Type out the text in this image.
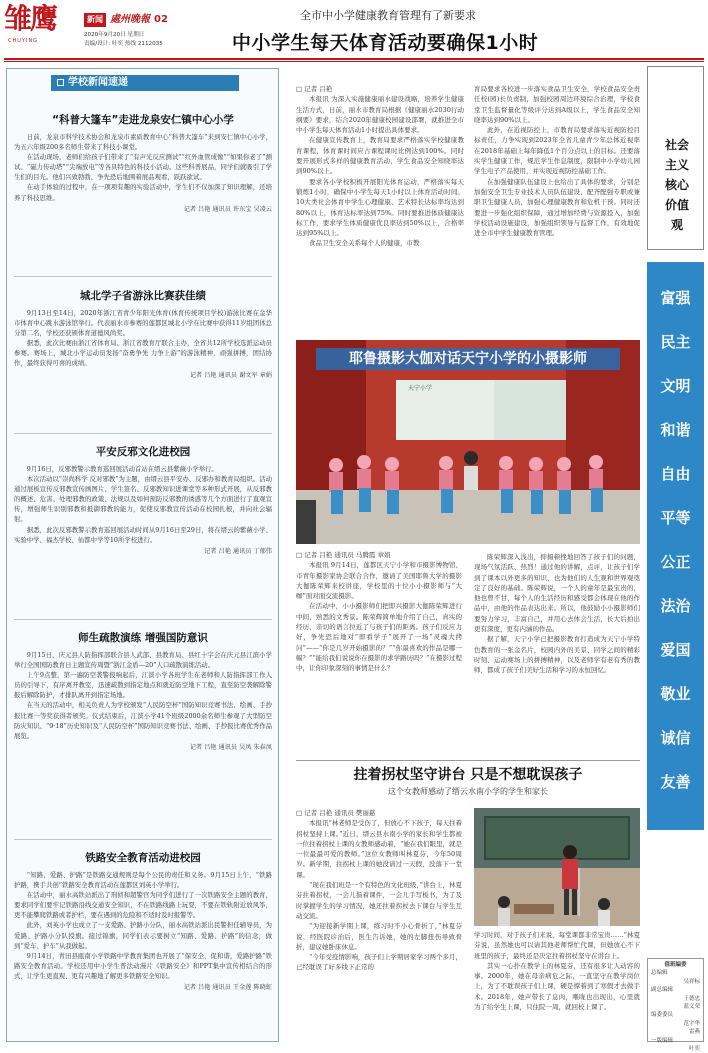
雏鹰
CHUYING
新闻 處州晚報 02
2020年9月20日 星期日
责编/设计: 叶奕 热线 2112035
全市中小学健康教育管理有了新要求
中小学生每天体育活动要确保1小时
学校新闻速递
“科普大篷车”走进龙泉安仁镇中心小学

日前，龙泉市科学技术协会和龙泉市素质教育中心“科普大篷车”来到安仁镇中心小学，为五六年级200多名师生带来了科技小课堂。

在活动现场，老师们给孩子们带来了“有声光反应测试”“红外血管成像”“如果你老了”测试、“磁力传动塔”“尖端放电”等各具特色的科技小活动。这些科普展品，同学们就吸引了学生们的目光。他们兴致勃勃、争先恐后地围着展品观看，跃跃欲试。

在动手体验的过程中，在一项项有趣的实验活动中，学生们不仅加深了知识理解，还培养了科技思维。

记者 吕艳 通讯员 许东宝 吴凌云
城北学子省游泳比赛获佳绩

9月13日至14日，2020年浙江省青少年阳光体育(体育传统项目学校)游泳比赛在金华市体育中心跳水游泳馆举行。代表丽水市参赛的莲都区城北小学在比赛中获得11岁组团体总分第二名，学校还获颁体育道德风尚奖。

据悉，此次比赛由浙江省体育局、浙江省教育厅联合主办，全省共12所学校选派运动员参赛。赛场上，城北小学运动员发扬“奋勇争先 力争上游”的游泳精神，顽强拼搏，团结协作，最终获得可喜的成绩。

记者 吕艳 通讯员 谢文军 章娟
平安反邪文化进校园

9月16日，反邪教警示教育巡回展活动首站在缙云县紫薇小学举行。

本次活动以“崇尚科学 反对邪教”为主题，由缙云县平安办、反邪办和教育局组织。活动通过展板宣传反邪教宣传画图片、学生签名、反邪教知识进课堂等多种形式开展，从反邪教的概述、危害、处理邪教的政策、法规以及如何预防反邪教的诱惑等几个方面进行了直观宣传，增强师生识别邪教和抵御邪教的能力，促使反邪教宣传活动在校园扎根，并向社会辐射。

据悉，此次反邪教警示教育巡回展活动时间从9月16日至29日，将在缙云的紫薇小学、实验中学、福杰学校、仙都中学等10所学校进行。

记者 吕艳 通讯员 丁郁伟
师生疏散演练 增强国防意识

9月15日，庆元县人防指挥部联合县人武部、县教育局、县红十字会在庆元县江滨小学举行全国国防教育日主题宣传周暨“浙江金盾—20”人口疏散演练活动。

上午9点整，第一遍防空袭警报响起后，江滨小学各班学生在老师和人防指挥部工作人员的引导下，有序离开教室，迅速疏散到指定地点和就近防空地下工程，直至防空袭解除警报后解除防护，才排队离开到指定场地。

在当天的活动中，相关负责人为学校颁发“人民防空杯”国防知识竞赛书法、绘画、手抄报比赛一等奖获得者颁奖。仪式结束后，江滨小学41个班级2000余名师生参观了大型防空防灾知识、“9·18”历史知识及“人民防空杯”国防知识竞赛书法、绘画、手抄报比赛优秀作品展览。

记者 吕艳 通讯员 吴凤 朱春凤
铁路安全教育活动进校园

“知路、爱路、护路”是铁路交通规则是每个公民的责任和义务。9月15日上午，“铁路护路，携手共创”铁路安全教育活动在莲都区刘英小学举行。

在活动中，丽水高铁站派出了刑侦和超警官为同学们进行了一次铁路安全主题的教育，要求同学们要牢记铁路沿线交通安全知识，不在铁路线路上玩耍，不要在铁轨附近放风筝，更不能攀爬铁路或者护栏，要在遇到的危险和不适时及时报警等。

此外，刘英小学也成立了一支爱路、护路小分队，丽水高铁站派出民警担任辅导员，为爱路、护路小分队授旗。接过锦旗，同学们表示要树立“知路、爱路、护路”的信念，做到“爱车、护车”从我做起。

9月14日，青田县瓯南小学铁路中学教育集团也开展了“保安全，促和谐，爱路护路”铁路安全教育活动。学校还用中小学生普法动漫片《铁路安全》和PPT集中宣传相结合的形式，让学生更直观、更有兴趣地了解更多铁路安全知识。

记者 吕艳 通讯员 王金莲 陈晓虹
□ 记者 吕艳

本报讯 为深入实施健康丽水建设战略，培养学生健康生活方式，日前，丽水市教育局根据《健康丽水2030行动纲要》要求，结合2020年健康校园建设部署，就推进全市中小学生每天体育活动1小时提出具体要求。

在健康宣传教育上，教育局要求严格落实学校健康教育课程，体育课时间应占课程课时比例达到100%。同时要开展形式多样的健康教育活动，学生食品安全知晓率达到90%以上。

要求各小学校积极开展阳光体育运动，严格落实每天锻炼1小时，确保中小学生每天1小时以上体育活动时间。10大类社会体育中学生心理健康、艺术特长达标率均达到80%以上，体育达标率达到75%。同时要推进体质健康达标工作，要求学生体质健康优良率达到50%以上，合格率达到95%以上。

食品卫生安全关系每个人的健康，市教

育局要求各校进一步落实食品卫生安全，学校食品安全责任校(园)长负责制，加强校园周边环境综合治理，学校食堂卫生监督量化等级评分达到A级以上，学生食品安全知晓率达到90%以上。

此外，在近视防控上，市教育局要求落实近视防控目标责任，力争实现到2023年全省儿童青少年总体近视率在2018年基础上每年降低1个百分点以上的目标。还要落实学生健康工作，规范学生作息制度，限制中小学幼儿园学生电子产品使用，并实现近视防控基础工作。

在加强健康队伍建设上也给出了具体的要求，分别是加强安全卫生专业技术人员队伍建设，配齐配强专职或兼职卫生健康人员，加强心理健康教育和危机干预。同时还要进一步强化组织保障，通过增加经费与资源投入，加强学校活动设施建设，加强组织领导与监督工作，有效地促进全市中学生健康教育管理。

耶鲁摄影大伽对话天宁小学的小摄影师
天宁小学
□ 记者 吕艳 通讯员 马腾霞 章娟

本报讯 9月14日，莲都区天宁小学和市摄影博物馆、市青年摄影家协会联合合作，邀请了美国耶鲁大学的摄影大伽陈荣辉来校讲座，学校里的十位小小摄影师与“大咖”面对面交流摄影。

在活动中，小小摄影师们把即兴摄影大伽陈荣辉进行中间，熟悉的文秀景。陈荣辉简单地介绍了自己，真实的经历、亲切的语言拉近了与孩子们的距离。孩子们反应力好，争先恐后地对“即看学子”展开了一场“灵魂大拷问”——“你是几岁开始摄影的？”“你最喜欢的作品是哪一幅？”“能给我们说说你在摄影的求学路历吗？”在摄影过程中，让你印象深刻的事情是什么？

陈荣辉深入浅出，抑揚顿挫地回答了孩子们的问题，现场气氛活跃、热烈！通过他的讲解，点评，让孩子们学到了课本以外更多的知识，也为他们的人生观和世界观奠定了良好的基础。陈荣辉说，一个人的童年是最宝贵的，他也曾不甘，每个人的生活经历和感受都会体现在他的作品中，由他的作品表达出来。所以，他鼓励小小摄影师们要努力学习，丰富自己，并用心去体会生活，长大后拍出更有深度，更有内涵的作品。

据了解，天宁小学已把摄影教育打造成为天宁小学特色教育的一张金名片，校园内外的美景、同学之间的精彩时刻、运动赛场上的拼搏精神，以及老师学有老有秀的教师，都成了孩子们美好生活和学习的永恒回忆。

拄着拐杖坚守讲台 只是不想耽误孩子
这个女教师感动了缙云水南小学的学生和家长
□ 记者 吕艳 通讯员 樊丽慈

本报讯“林老师是受伤了，但放心不下孩子，每天拄着拐杖坚持上课。”近日，缙云县水南小学的家长和学生都被一位拄着拐杖上课的女教师感动着，“她在我们眼里，就是一位最最可爱的教师。”这位女教师叫林夏芬，今年50周岁。新学期，拄拐杖上课的她没请过一天假，没落下一堂课。

“现在我们班是一个有特色的文化班级，”讲台上，林夏芬拄着拐杖，一会儿指着课件，一会儿手写板书，为了及时掌握学生的学习情况，她还拄着拐杖去下课台与学生互动交流。

“为迎接新学期上课，练习时不小心骨折了，”林夏芬说，经医院诊治后，医生告诉她，她的左脚扭伤导致骨折，建议她卧床休息。

“今年受疫情影响，孩子们上学期居家学习两个多月，已经耽误了好多线下正常的

学习时间，对于孩子们来说，每堂课都非常宝贵……”林夏芬说，虽然她也可以请其他老师帮忙代课，但她放心不下班里的孩子，最终还是决定拄着拐杖坚守在讲台上。

其实一心扑在教学上的林夏芬，还有很多让人动容的事。2000年，她在母亲病危之际，一直坚守在教学岗位上，为了不耽误孩子们上课，硬是撑着到了寒假才去做手术。2018年，她声带长了息肉，喉咙也出现出，心里就为了给学生上课，只住院一周，就回校上课了。

社会主义核心价值观
富强
民主
文明
和谐
自由
平等
公正
法治
爱国
敬业
诚信
友善
值班编委
总编辑
吴祥标
副总编辑
王德忠
蓝义荣
编委委员
范宇华
雷燕
一版编辑
叶奕
